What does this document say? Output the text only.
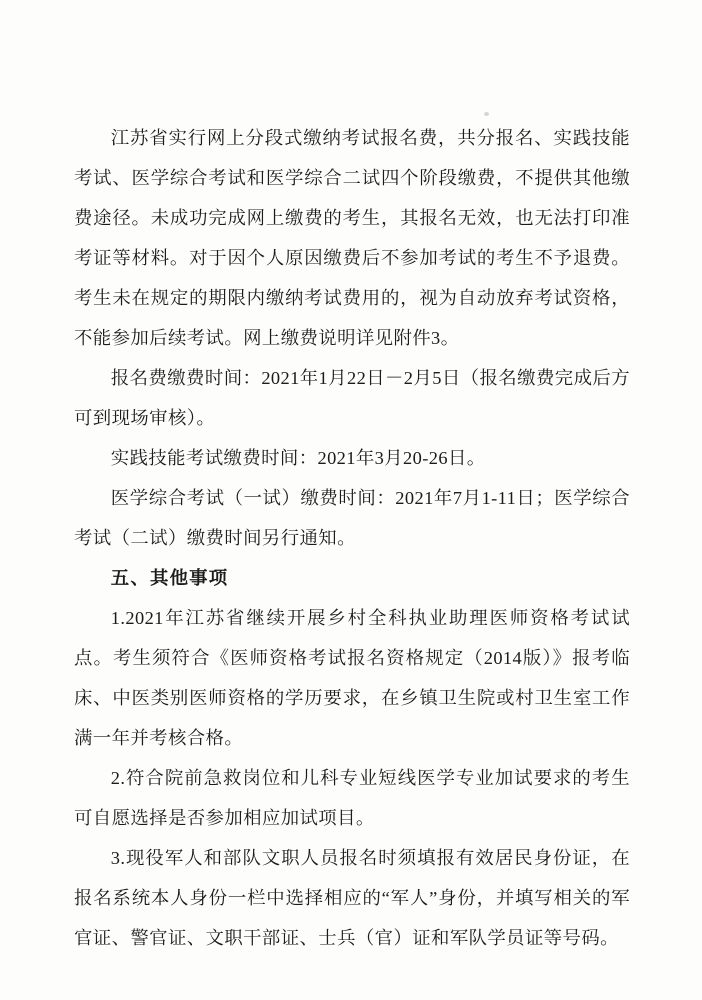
江苏省实行网上分段式缴纳考试报名费，共分报名、实践技能考试、医学综合考试和医学综合二试四个阶段缴费，不提供其他缴费途径。未成功完成网上缴费的考生，其报名无效，也无法打印准考证等材料。对于因个人原因缴费后不参加考试的考生不予退费。考生未在规定的期限内缴纳考试费用的，视为自动放弃考试资格，不能参加后续考试。网上缴费说明详见附件3。

报名费缴费时间：2021年1月22日－2月5日（报名缴费完成后方可到现场审核）。

实践技能考试缴费时间：2021年3月20-26日。

医学综合考试（一试）缴费时间：2021年7月1-11日；医学综合考试（二试）缴费时间另行通知。

五、其他事项

1.2021年江苏省继续开展乡村全科执业助理医师资格考试试点。考生须符合《医师资格考试报名资格规定（2014版）》报考临床、中医类别医师资格的学历要求，在乡镇卫生院或村卫生室工作满一年并考核合格。

2.符合院前急救岗位和儿科专业短线医学专业加试要求的考生可自愿选择是否参加相应加试项目。

3.现役军人和部队文职人员报名时须填报有效居民身份证，在报名系统本人身份一栏中选择相应的“军人”身份，并填写相关的军官证、警官证、文职干部证、士兵（官）证和军队学员证等号码。
